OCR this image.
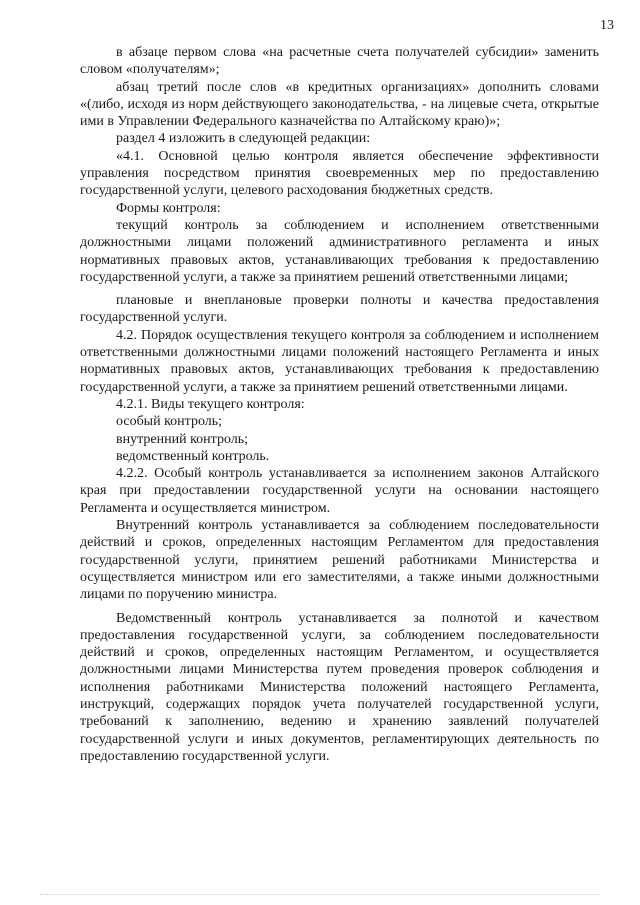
13

в абзаце первом слова «на расчетные счета получателей субсидии» заменить словом «получателям»;

абзац третий после слов «в кредитных организациях» дополнить словами «(либо, исходя из норм действующего законодательства, - на лицевые счета, открытые ими в Управлении Федерального казначейства по Алтайскому краю)»;

раздел 4 изложить в следующей редакции:

«4.1. Основной целью контроля является обеспечение эффективности управления посредством принятия своевременных мер по предоставлению государственной услуги, целевого расходования бюджетных средств.

Формы контроля:

текущий контроль за соблюдением и исполнением ответственными должностными лицами положений административного регламента и иных нормативных правовых актов, устанавливающих требования к предоставлению государственной услуги, а также за принятием решений ответственными лицами;

плановые и внеплановые проверки полноты и качества предоставления государственной услуги.

4.2. Порядок осуществления текущего контроля за соблюдением и исполнением ответственными должностными лицами положений настоящего Регламента и иных нормативных правовых актов, устанавливающих требования к предоставлению государственной услуги, а также за принятием решений ответственными лицами.

4.2.1. Виды текущего контроля:

особый контроль;

внутренний контроль;

ведомственный контроль.

4.2.2. Особый контроль устанавливается за исполнением законов Алтайского края при предоставлении государственной услуги на основании настоящего Регламента и осуществляется министром.

Внутренний контроль устанавливается за соблюдением последовательности действий и сроков, определенных настоящим Регламентом для предоставления государственной услуги, принятием решений работниками Министерства и осуществляется министром или его заместителями, а также иными должностными лицами по поручению министра.

Ведомственный контроль устанавливается за полнотой и качеством предоставления государственной услуги, за соблюдением последовательности действий и сроков, определенных настоящим Регламентом, и осуществляется должностными лицами Министерства путем проведения проверок соблюдения и исполнения работниками Министерства положений настоящего Регламента, инструкций, содержащих порядок учета получателей государственной услуги, требований к заполнению, ведению и хранению заявлений получателей государственной услуги и иных документов, регламентирующих деятельность по предоставлению государственной услуги.
